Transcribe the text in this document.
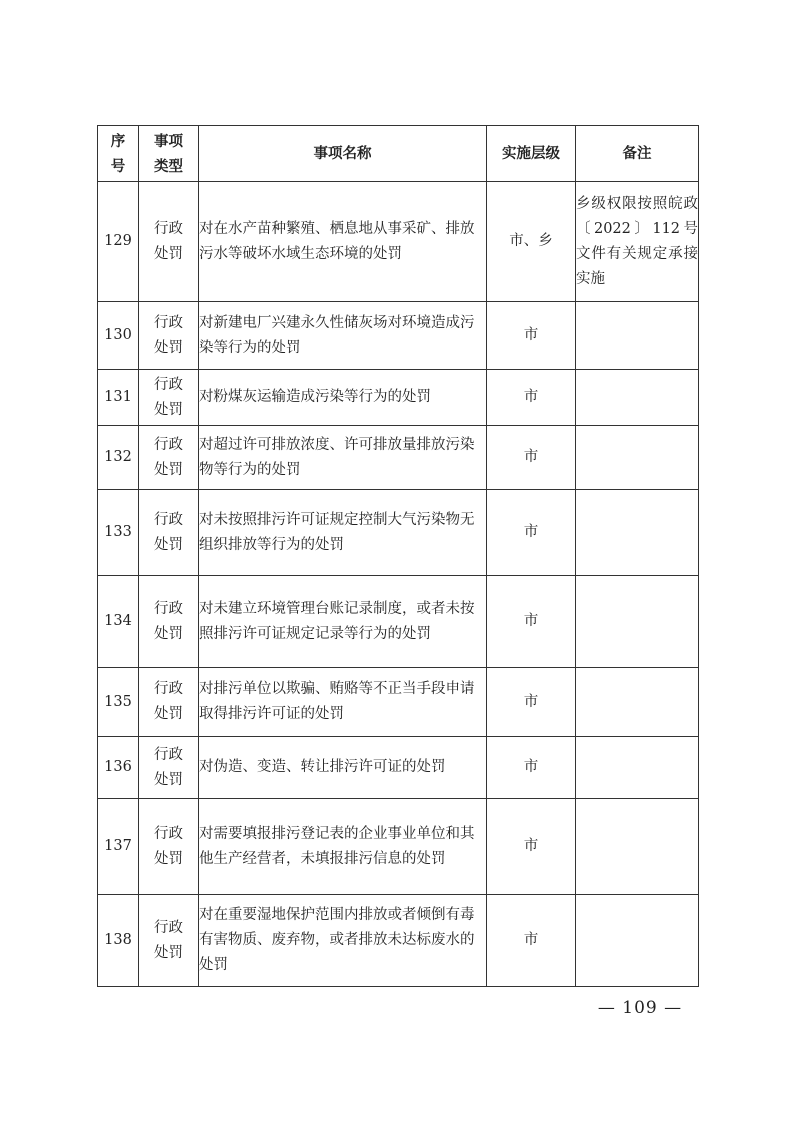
序号	事项类型	事项名称	实施层级	备注
129	行政处罚	对在水产苗种繁殖、栖息地从事采矿、排放污水等破坏水域生态环境的处罚	市、乡	乡级权限按照皖政〔2022〕112号文件有关规定承接实施
130	行政处罚	对新建电厂兴建永久性储灰场对环境造成污染等行为的处罚	市	
131	行政处罚	对粉煤灰运输造成污染等行为的处罚	市	
132	行政处罚	对超过许可排放浓度、许可排放量排放污染物等行为的处罚	市	
133	行政处罚	对未按照排污许可证规定控制大气污染物无组织排放等行为的处罚	市	
134	行政处罚	对未建立环境管理台账记录制度，或者未按照排污许可证规定记录等行为的处罚	市	
135	行政处罚	对排污单位以欺骗、贿赂等不正当手段申请取得排污许可证的处罚	市	
136	行政处罚	对伪造、变造、转让排污许可证的处罚	市	
137	行政处罚	对需要填报排污登记表的企业事业单位和其他生产经营者，未填报排污信息的处罚	市	
138	行政处罚	对在重要湿地保护范围内排放或者倾倒有毒有害物质、废弃物，或者排放未达标废水的处罚	市	
— 109 —
